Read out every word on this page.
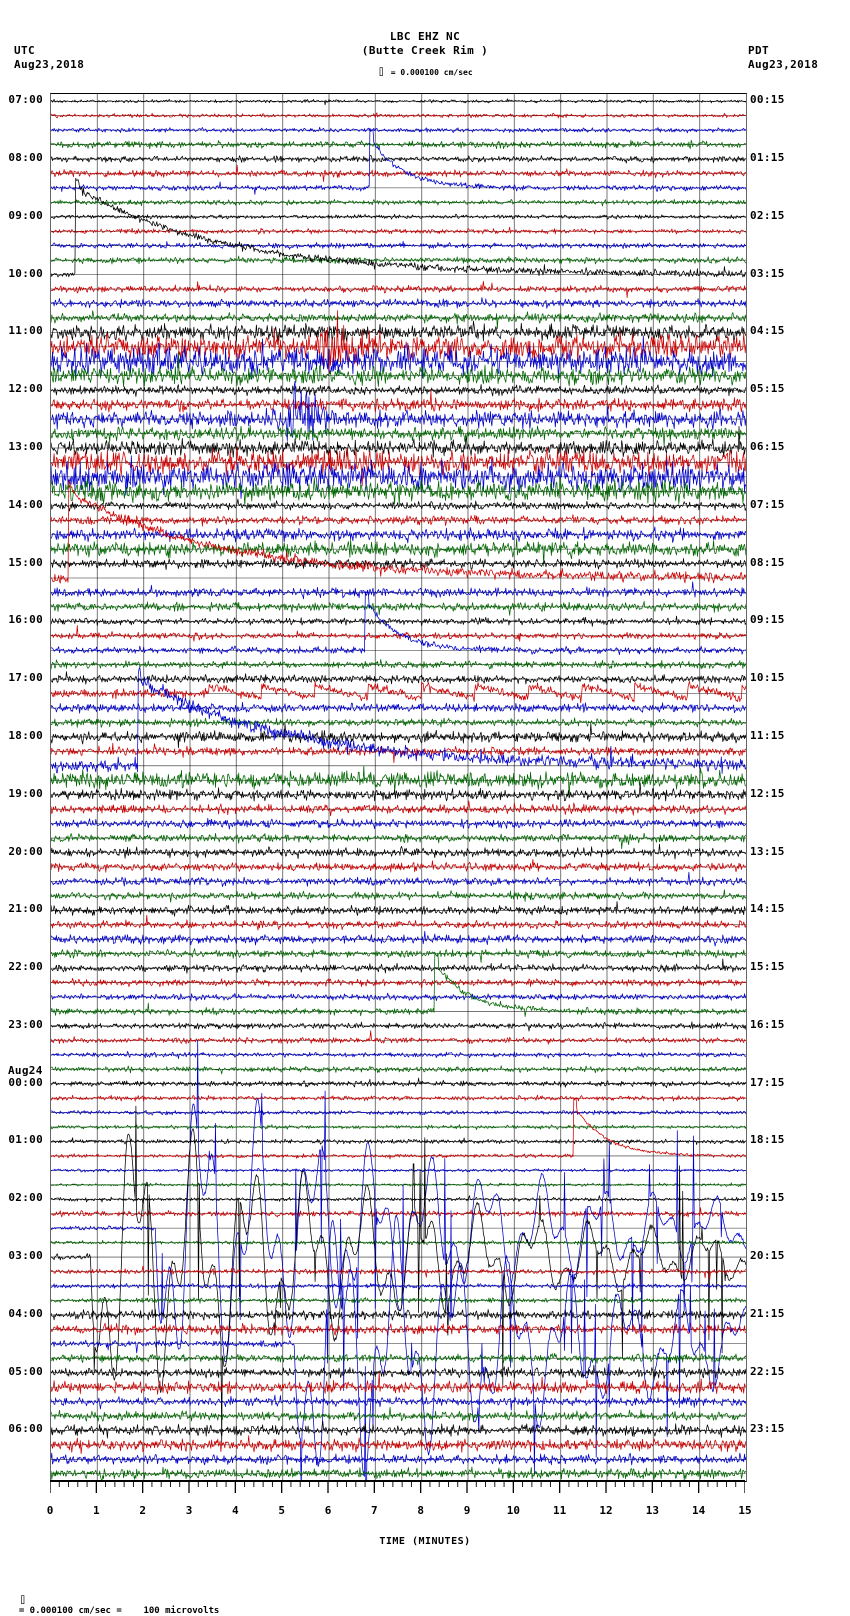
UTC
Aug23,2018
LBC EHZ NC
(Butte Creek Rim )	PDT
Aug23,2018
⌷ = 0.000100 cm/sec
07:00	00:15
08:00	01:15
09:00	02:15
10:00	03:15
11:00	04:15
12:00	05:15
13:00	06:15
14:00	07:15
15:00	08:15
16:00	09:15
17:00	10:15
18:00	11:15
19:00	12:15
20:00	13:15
21:00	14:15
22:00	15:15
23:00	16:15
00:00	17:15
01:00	18:15
02:00	19:15
03:00	20:15
04:00	21:15
05:00	22:15
06:00	23:15
Aug24
0	1	2	3	4	5	6	7	8	9	10	11	12	13	14	15
TIME (MINUTES)

⌷
= 0.000100 cm/sec =    100 microvolts
